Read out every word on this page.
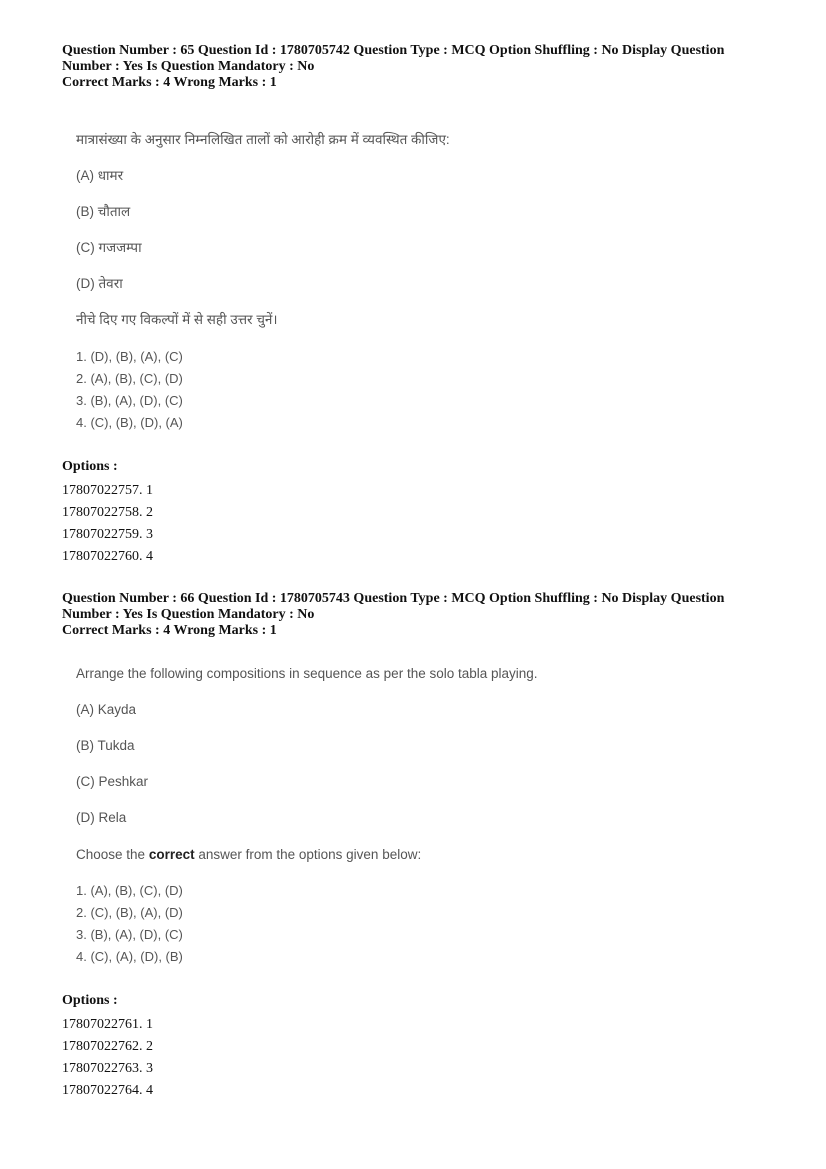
Question Number : 65 Question Id : 1780705742 Question Type : MCQ Option Shuffling : No Display Question
Number : Yes Is Question Mandatory : No
Correct Marks : 4 Wrong Marks : 1
मात्रासंख्या के अनुसार निम्नलिखित तालों को आरोही क्रम में व्यवस्थित कीजिए:
(A) धामर
(B) चौताल
(C) गजजम्पा
(D) तेवरा
नीचे दिए गए विकल्पों में से सही उत्तर चुनें।
1. (D), (B), (A), (C)
2. (A), (B), (C), (D)
3. (B), (A), (D), (C)
4. (C), (B), (D), (A)
Options :
17807022757. 1
17807022758. 2
17807022759. 3
17807022760. 4
Question Number : 66 Question Id : 1780705743 Question Type : MCQ Option Shuffling : No Display Question
Number : Yes Is Question Mandatory : No
Correct Marks : 4 Wrong Marks : 1
Arrange the following compositions in sequence as per the solo tabla playing.
(A) Kayda
(B) Tukda
(C) Peshkar
(D) Rela
Choose the correct answer from the options given below:
1. (A), (B), (C), (D)
2. (C), (B), (A), (D)
3. (B), (A), (D), (C)
4. (C), (A), (D), (B)
Options :
17807022761. 1
17807022762. 2
17807022763. 3
17807022764. 4
